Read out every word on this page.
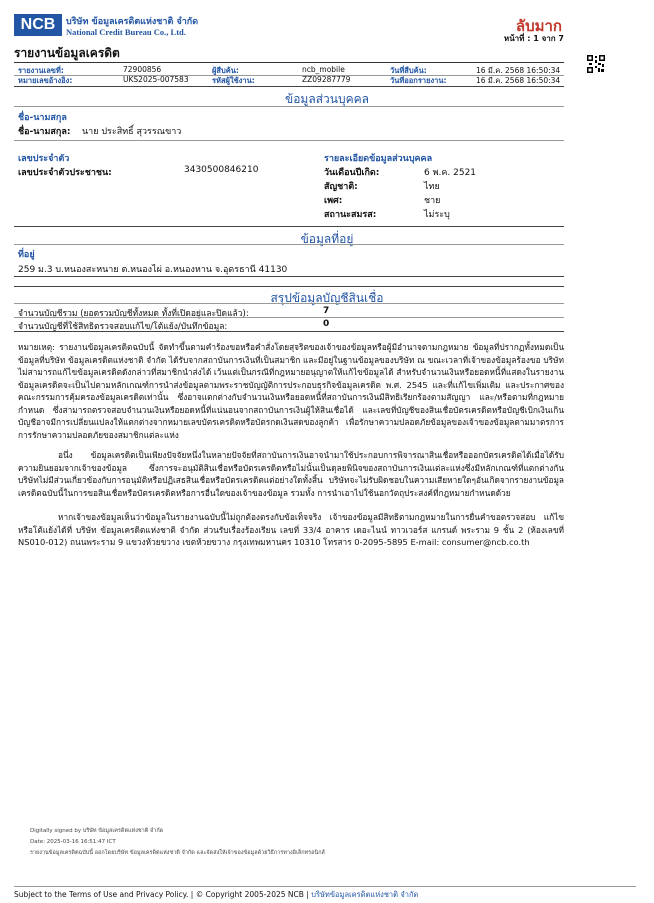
NCB	บริษัท ข้อมูลเครดิตแห่งชาติ จำกัด
National Credit Bureau Co., Ltd.	ลับมาก
หน้าที่ : 1 จาก 7
รายงานข้อมูลเครดิต
รายงานเลขที่:	72900856	ผู้สืบค้น:	ncb_mobile	วันที่สืบค้น:	16 มี.ค. 2568 16:50:34
หมายเลขอ้างอิง:	UKS2025-007583	รหัสผู้ใช้งาน:	ZZ09287779	วันที่ออกรายงาน:	16 มี.ค. 2568 16:50:34
ข้อมูลส่วนบุคคล
ชื่อ-นามสกุล
ชื่อ-นามสกุล: นาย ประสิทธิ์ สุวรรณขาว
เลขประจำตัว
เลขประจำตัวประชาชน:	3430500846210
รายละเอียดข้อมูลส่วนบุคคล
วันเดือนปีเกิด:	6 พ.ค. 2521
สัญชาติ:	ไทย
เพศ:	ชาย
สถานะสมรส:	ไม่ระบุ
ข้อมูลที่อยู่
ที่อยู่
259 ม.3 บ.หนองสะหนาย ต.หนองไผ่ อ.หนองหาน จ.อุดรธานี 41130
สรุปข้อมูลบัญชีสินเชื่อ
จำนวนบัญชีรวม (ยอดรวมบัญชีทั้งหมด ทั้งที่เปิดอยู่และปิดแล้ว):	7
จำนวนบัญชีที่ใช้สิทธิตรวจสอบแก้ไข/โต้แย้ง/บันทึกข้อมูล:	0
หมายเหตุ: รายงานข้อมูลเครดิตฉบับนี้ จัดทำขึ้นตามคำร้องขอหรือคำสั่งโดยสุจริตของเจ้าของข้อมูลหรือผู้มีอำนาจตามกฎหมาย ข้อมูลที่ปรากฏทั้งหมดเป็นข้อมูลที่บริษัท ข้อมูลเครดิตแห่งชาติ จำกัด ได้รับจากสถาบันการเงินที่เป็นสมาชิก และมีอยู่ในฐานข้อมูลของบริษัท ณ ขณะเวลาที่เจ้าของข้อมูลร้องขอ บริษัทไม่สามารถแก้ไขข้อมูลเครดิตดังกล่าวที่สมาชิกนำส่งได้ เว้นแต่เป็นกรณีที่กฎหมายอนุญาตให้แก้ไขข้อมูลได้ สำหรับจำนวนเงินหรือยอดหนี้ที่แสดงในรายงานข้อมูลเครดิตจะเป็นไปตามหลักเกณฑ์การนำส่งข้อมูลตามพระราชบัญญัติการประกอบธุรกิจข้อมูลเครดิต พ.ศ. 2545 และที่แก้ไขเพิ่มเติม และประกาศของคณะกรรมการคุ้มครองข้อมูลเครดิตเท่านั้น ซึ่งอาจแตกต่างกับจำนวนเงินหรือยอดหนี้ที่สถาบันการเงินมีสิทธิเรียกร้องตามสัญญา และ/หรือตามที่กฎหมายกำหนด ซึ่งสามารถตรวจสอบจำนวนเงินหรือยอดหนี้ที่แน่นอนจากสถาบันการเงินผู้ให้สินเชื่อได้ และเลขที่บัญชีของสินเชื่อบัตรเครดิตหรือบัญชีเบิกเงินเกินบัญชีอาจมีการเปลี่ยนแปลงให้แตกต่างจากหมายเลขบัตรเครดิตหรือบัตรกดเงินสดของลูกค้า เพื่อรักษาความปลอดภัยข้อมูลของเจ้าของข้อมูลตามมาตรการการรักษาความปลอดภัยของสมาชิกแต่ละแห่ง
อนึ่ง ข้อมูลเครดิตเป็นเพียงปัจจัยหนึ่งในหลายปัจจัยที่สถาบันการเงินอาจนำมาใช้ประกอบการพิจารณาสินเชื่อหรือออกบัตรเครดิตได้เมื่อได้รับความยินยอมจากเจ้าของข้อมูล ซึ่งการจะอนุมัติสินเชื่อหรือบัตรเครดิตหรือไม่นั้นเป็นดุลยพินิจของสถาบันการเงินแต่ละแห่งซึ่งมีหลักเกณฑ์ที่แตกต่างกัน บริษัทไม่มีส่วนเกี่ยวข้องกับการอนุมัติหรือปฏิเสธสินเชื่อหรือบัตรเครดิตแต่อย่างใดทั้งสิ้น บริษัทจะไม่รับผิดชอบในความเสียหายใดๆอันเกิดจากรายงานข้อมูลเครดิตฉบับนี้ในการขอสินเชื่อหรือบัตรเครดิตหรือการอื่นใดของเจ้าของข้อมูล รวมทั้ง การนำเอาไปใช้นอกวัตถุประสงค์ที่กฎหมายกำหนดด้วย
หากเจ้าของข้อมูลเห็นว่าข้อมูลในรายงานฉบับนี้ไม่ถูกต้องตรงกับข้อเท็จจริง เจ้าของข้อมูลมีสิทธิตามกฎหมายในการยื่นคำขอตรวจสอบ แก้ไข หรือโต้แย้งได้ที่ บริษัท ข้อมูลเครดิตแห่งชาติ จำกัด ส่วนรับเรื่องร้องเรียน เลขที่ 33/4 อาคาร เดอะไนน์ ทาวเวอร์ส แกรนด์ พระราม 9 ชั้น 2 (ห้องเลขที่ NS010-012) ถนนพระราม 9 แขวงห้วยขวาง เขตห้วยขวาง กรุงเทพมหานคร 10310 โทรสาร 0-2095-5895 E-mail: consumer@ncb.co.th
Digitally signed by บริษัท ข้อมูลเครดิตแห่งชาติ จำกัด
Date: 2025-03-16 16:51:47 ICT
รายงานข้อมูลเครดิตฉบับนี้ ออกโดยบริษัท ข้อมูลเครดิตแห่งชาติ จำกัด และจัดส่งให้เจ้าของข้อมูลด้วยวิธีการทางอิเล็กทรอนิกส์
Subject to the Terms of Use and Privacy Policy. | © Copyright 2005-2025 NCB | บริษัทข้อมูลเครดิตแห่งชาติ จำกัด
